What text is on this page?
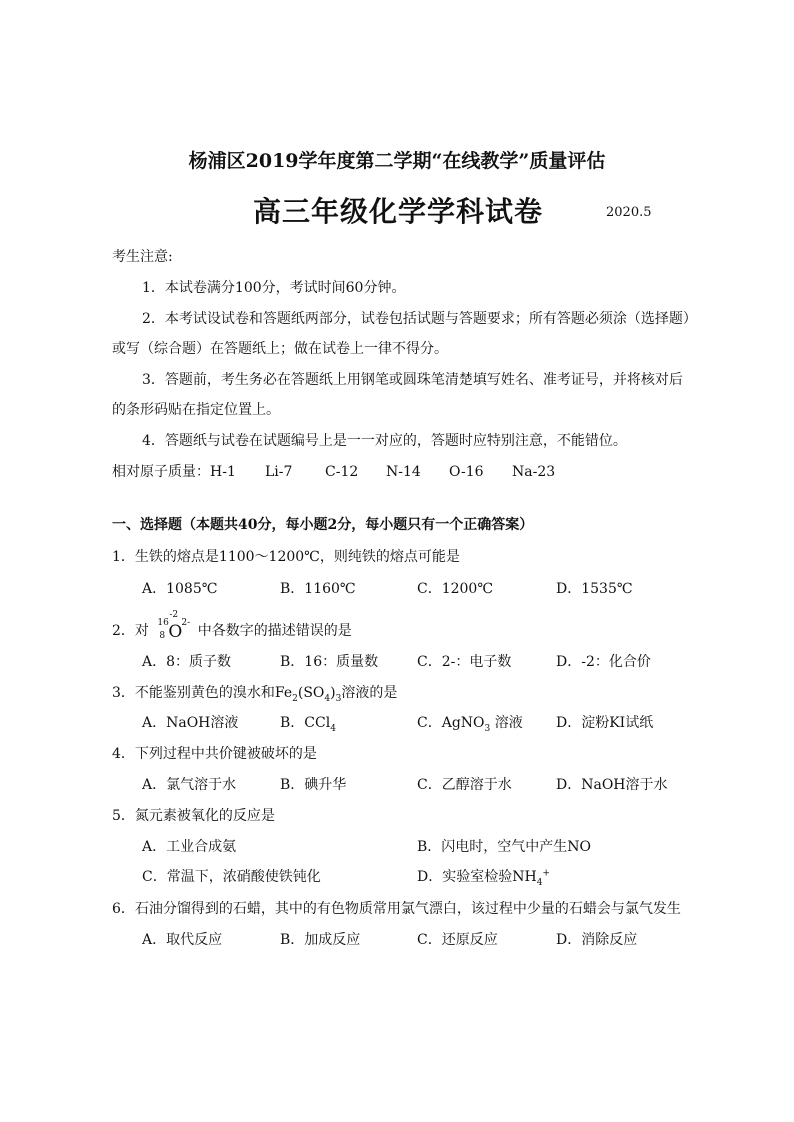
杨浦区2019学年度第二学期“在线教学”质量评估
高三年级化学学科试卷	2020.5
考生注意:
1．本试卷满分100分，考试时间60分钟。
2．本考试设试卷和答题纸两部分，试卷包括试题与答题要求；所有答题必须涂（选择题）
或写（综合题）在答题纸上；做在试卷上一律不得分。
3．答题前，考生务必在答题纸上用钢笔或圆珠笔清楚填写姓名、准考证号，并将核对后
的条形码贴在指定位置上。
4．答题纸与试卷在试题编号上是一一对应的，答题时应特别注意，不能错位。
相对原子质量： H-1 Li-7 C-12 N-14 O-16 Na-23
一、选择题（本题共40分，每小题2分，每小题只有一个正确答案）
1．生铁的熔点是1100～1200℃，则纯铁的熔点可能是
A．1085℃	B．1160℃	C．1200℃	D．1535℃
2．对 16
8 O
-2
2- 中各数字的描述错误的是
A．8：质子数	B．16：质量数	C．2-：电子数	D．-2：化合价
3．不能鉴别黄色的溴水和$Fe_2(SO_4)_3$溶液的是
A．NaOH溶液	B．CCl$_4$	C．AgNO$_3$ 溶液 D．淀粉KI试纸
4．下列过程中共价键被破坏的是
A．氯气溶于水	B．碘升华	C．乙醇溶于水	D．NaOH溶于水
5．氮元素被氧化的反应是
A．工业合成氨	B．闪电时，空气中产生NO
C．常温下，浓硝酸使铁钝化	D．实验室检验$NH_4^+$
6．石油分馏得到的石蜡，其中的有色物质常用氯气漂白，该过程中少量的石蜡会与氯气发生
A．取代反应	B．加成反应	C．还原反应	D．消除反应
